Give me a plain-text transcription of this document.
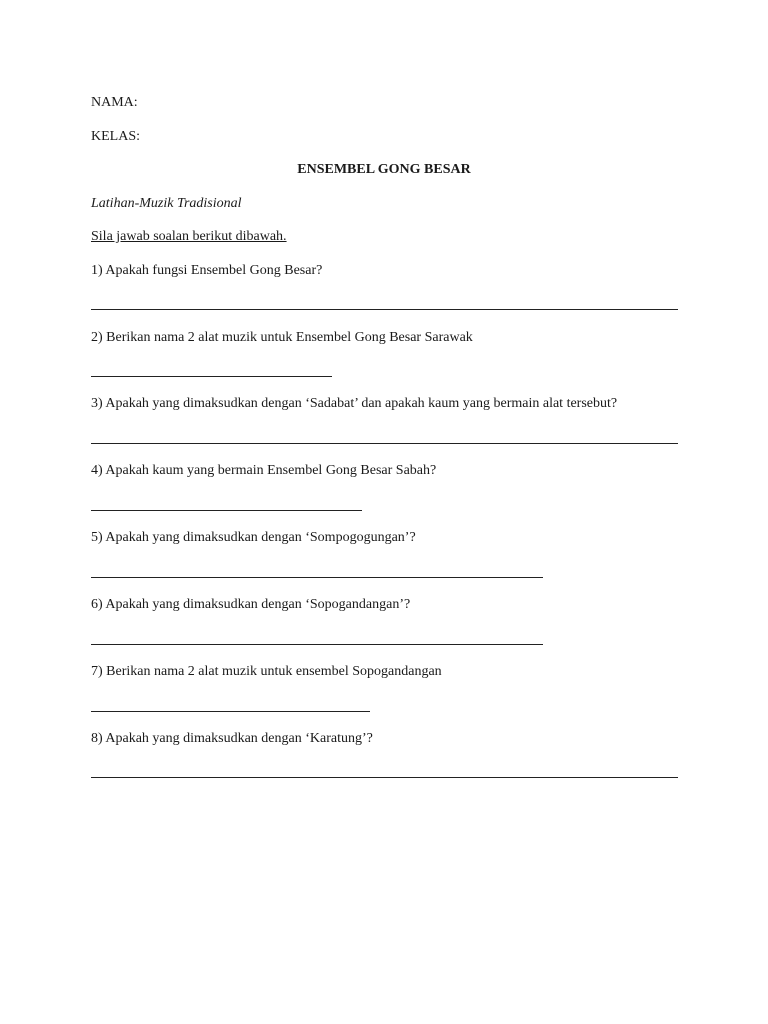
NAMA:
KELAS:
ENSEMBEL GONG BESAR
Latihan-Muzik Tradisional
Sila jawab soalan berikut dibawah.
1) Apakah fungsi Ensembel Gong Besar?
2) Berikan nama 2 alat muzik untuk Ensembel Gong Besar Sarawak
3) Apakah yang dimaksudkan dengan ‘Sadabat’ dan apakah kaum yang bermain alat tersebut?
4) Apakah kaum yang bermain Ensembel Gong Besar Sabah?
5) Apakah yang dimaksudkan dengan ‘Sompogogungan’?
6) Apakah yang dimaksudkan dengan ‘Sopogandangan’?
7) Berikan nama 2 alat muzik untuk ensembel Sopogandangan
8) Apakah yang dimaksudkan dengan ‘Karatung’?
